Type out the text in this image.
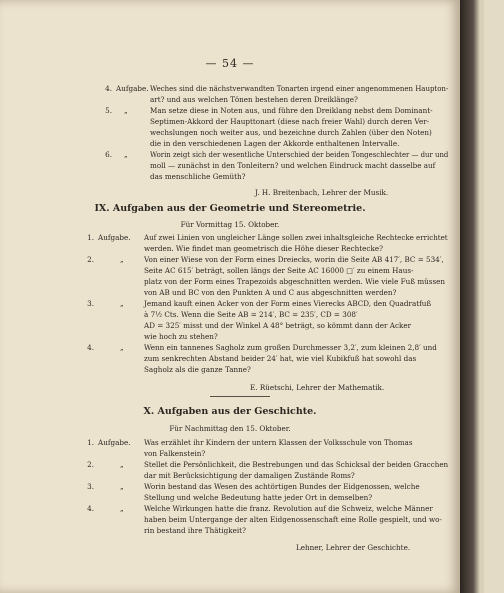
— 54 —
4. Aufgabe. Weches sind die nächstverwandten Tonarten irgend einer angenommenen Haupton-
art? und aus welchen Tönen bestehen deren Dreiklänge?
5. „	Man setze diese in Noten aus, und führe den Dreiklang nebst dem Dominant-
Septimen-Akkord der Haupttonart (diese nach freier Wahl) durch deren Ver-
wechslungen noch weiter aus, und bezeichne durch Zahlen (über den Noten)
die in den verschiedenen Lagen der Akkorde enthaltenen Intervalle.
6. „	Worin zeigt sich der wesentliche Unterschied der beiden Tongeschlechter — dur und
moll — zunächst in den Tonleitern? und welchen Eindruck macht dasselbe auf
das menschliche Gemüth?
J. H. Breitenbach, Lehrer der Musik.
IX. Aufgaben aus der Geometrie und Stereometrie.
Für Vormittag 15. Oktober.
1. Aufgabe. Auf zwei Linien von ungleicher Länge sollen zwei inhaltsgleiche Rechtecke errichtet
werden. Wie findet man geometrisch die Höhe dieser Rechtecke?
2.	„	Von einer Wiese von der Form eines Dreiecks, worin die Seite AB 417′, BC = 534′,
Seite AC 615′ beträgt, sollen längs der Seite AC 16000 □′ zu einem Haus-
platz von der Form eines Trapezoids abgeschnitten werden. Wie viele Fuß müssen
von AB und BC von den Punkten A und C aus abgeschnitten werden?
3.	„	Jemand kauft einen Acker von der Form eines Vierecks ABCD, den Quadratfuß
à 7½ Cts. Wenn die Seite AB = 214′, BC = 235′, CD = 308′
AD = 325′ misst und der Winkel A 48° beträgt, so kömmt dann der Acker
wie hoch zu stehen?
4.	„	Wenn ein tannenes Sagholz zum großen Durchmesser 3,2′, zum kleinen 2,8′ und
zum senkrechten Abstand beider 24′ hat, wie viel Kubikfuß hat sowohl das
Sagholz als die ganze Tanne?
E. Rüetschi, Lehrer der Mathematik.
X. Aufgaben aus der Geschichte.
Für Nachmittag den 15. Oktober.
1. Aufgabe. Was erzählet ihr Kindern der untern Klassen der Volksschule von Thomas
von Falkenstein?
2.	„	Stellet die Persönlichkeit, die Bestrebungen und das Schicksal der beiden Gracchen
dar mit Berücksichtigung der damaligen Zustände Roms?
3.	„	Worin bestand das Wesen des achtörtigen Bundes der Eidgenossen, welche
Stellung und welche Bedeutung hatte jeder Ort in demselben?
4.	„	Welche Wirkungen hatte die franz. Revolution auf die Schweiz, welche Männer
haben beim Untergange der alten Eidgenossenschaft eine Rolle gespielt, und wo-
rin bestand ihre Thätigkeit?
Lehner, Lehrer der Geschichte.
